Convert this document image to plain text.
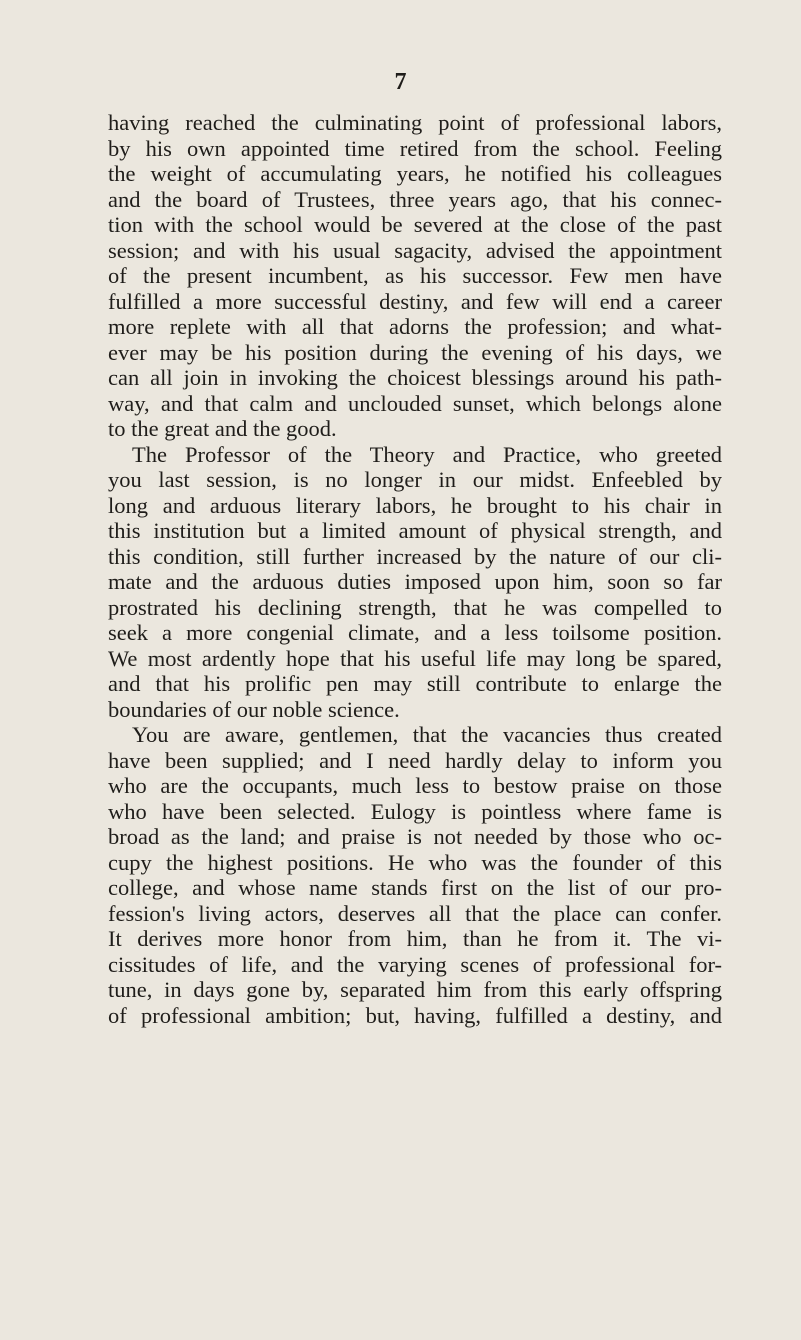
7
having reached the culminating point of professional labors,
by his own appointed time retired from the school. Feeling
the weight of accumulating years, he notified his colleagues
and the board of Trustees, three years ago, that his connec-
tion with the school would be severed at the close of the past
session; and with his usual sagacity, advised the appointment
of the present incumbent, as his successor. Few men have
fulfilled a more successful destiny, and few will end a career
more replete with all that adorns the profession; and what-
ever may be his position during the evening of his days, we
can all join in invoking the choicest blessings around his path-
way, and that calm and unclouded sunset, which belongs alone
to the great and the good.
The Professor of the Theory and Practice, who greeted
you last session, is no longer in our midst. Enfeebled by
long and arduous literary labors, he brought to his chair in
this institution but a limited amount of physical strength, and
this condition, still further increased by the nature of our cli-
mate and the arduous duties imposed upon him, soon so far
prostrated his declining strength, that he was compelled to
seek a more congenial climate, and a less toilsome position.
We most ardently hope that his useful life may long be spared,
and that his prolific pen may still contribute to enlarge the
boundaries of our noble science.
You are aware, gentlemen, that the vacancies thus created
have been supplied; and I need hardly delay to inform you
who are the occupants, much less to bestow praise on those
who have been selected. Eulogy is pointless where fame is
broad as the land; and praise is not needed by those who oc-
cupy the highest positions. He who was the founder of this
college, and whose name stands first on the list of our pro-
fession's living actors, deserves all that the place can confer.
It derives more honor from him, than he from it. The vi-
cissitudes of life, and the varying scenes of professional for-
tune, in days gone by, separated him from this early offspring
of professional ambition; but, having, fulfilled a destiny, and
